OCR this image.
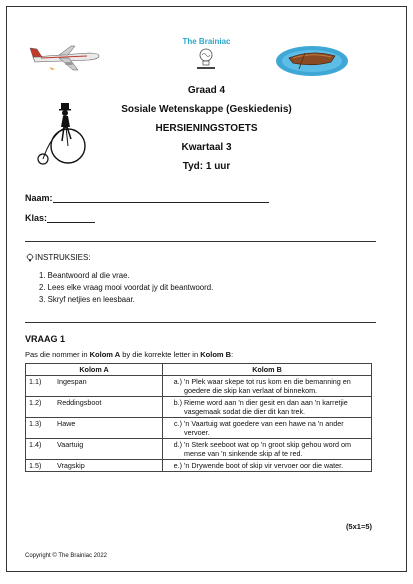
The Brainiac
Graad 4
Sosiale Wetenskappe (Geskiedenis)
HERSIENINGSTOETS
Kwartaal 3
Tyd: 1 uur
Naam:
Klas:
INSTRUKSIES:
1. Beantwoord al die vrae.
2. Lees elke vraag mooi voordat jy dit beantwoord.
3. Skryf netjies en leesbaar.
VRAAG 1
Pas die nommer in Kolom A by die korrekte letter in Kolom B:
Kolom A		Kolom B	
1.1)	Ingespan	a.)	'n Plek waar skepe tot rus kom en die bemanning en goedere die skip kan verlaat of binnekom.
1.2)	Reddingsboot	b.)	Rieme word aan 'n dier gesit en dan aan 'n karretjie vasgemaak sodat die dier dit kan trek.
1.3)	Hawe	c.)	'n Vaartuig wat goedere van een hawe na 'n ander vervoer.
1.4)	Vaartuig	d.)	'n Sterk seeboot wat op 'n groot skip gehou word om mense van 'n sinkende skip af te red.
1.5)	Vragskip	e.)	'n Drywende boot of skip vir vervoer oor die water.
(5x1=5)
Copyright © The Brainiac 2022
